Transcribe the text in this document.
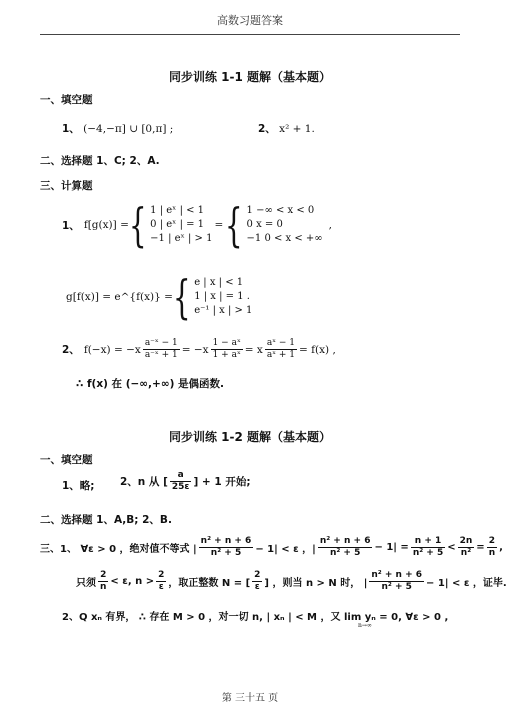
高数习题答案
同步训练 1-1 题解（基本题）
一、填空题
1、 (−4,−π] ∪ [0,π] ;	2、 x² + 1.
二、选择题 1、C; 2、A.
三、计算题
1、 f[g(x)] = { 1 | eˣ | < 1
0 | eˣ | = 1
−1 | eˣ | > 1
= { 1 −∞ < x < 0
0 x = 0
−1 0 < x < +∞
,
g[f(x)] = e^{f(x)} = { e | x | < 1
1 | x | = 1 .
e⁻¹ | x | > 1
2、 $f(-x) = -x \frac{\text{a⁻ˣ − 1}}{\text{a⁻ˣ + 1}} = -x \frac{\text{1 − aˣ}}{\text{1 + aˣ}} = x \frac{\text{aˣ − 1}}{\text{aˣ + 1}} = f(x)$ ,
∴ f(x) 在 (−∞,+∞) 是偶函数.
同步训练 1-2 题解（基本题）
一、填空题
1、略; 2、n 从 [ $\frac{a}{25\varepsilon}$ ] + 1 开始;
二、选择题 1、A,B; 2、B.
三、1、 ∀ε > 0 ，绝对值不等式 | $\frac{\text{n² + n + 6}}{\text{n² + 5}} - 1| < \varepsilon$ ，| $\frac{\text{n² + n + 6}}{\text{n² + 5}} - 1| = \frac{n + 1}{\text{n² + 5}} < \frac{2n}{\text{n²}} = \frac{2}{n}$ ,
只须 $\frac{2}{n} < \varepsilon$, $n > \frac{2}{\varepsilon}$ ，取正整数 N = [ $\frac{2}{\varepsilon}$ ] ，则当 n > N 时， | $\frac{\text{n² + n + 6}}{\text{n² + 5}} - 1| < \varepsilon$ ，证毕.
2、Q xₙ 有界， ∴ 存在 M > 0 ，对一切 n, | xₙ | < M ，又 lim yₙ = 0, ∀ε > 0 ,
n→∞
第 三十五 页
